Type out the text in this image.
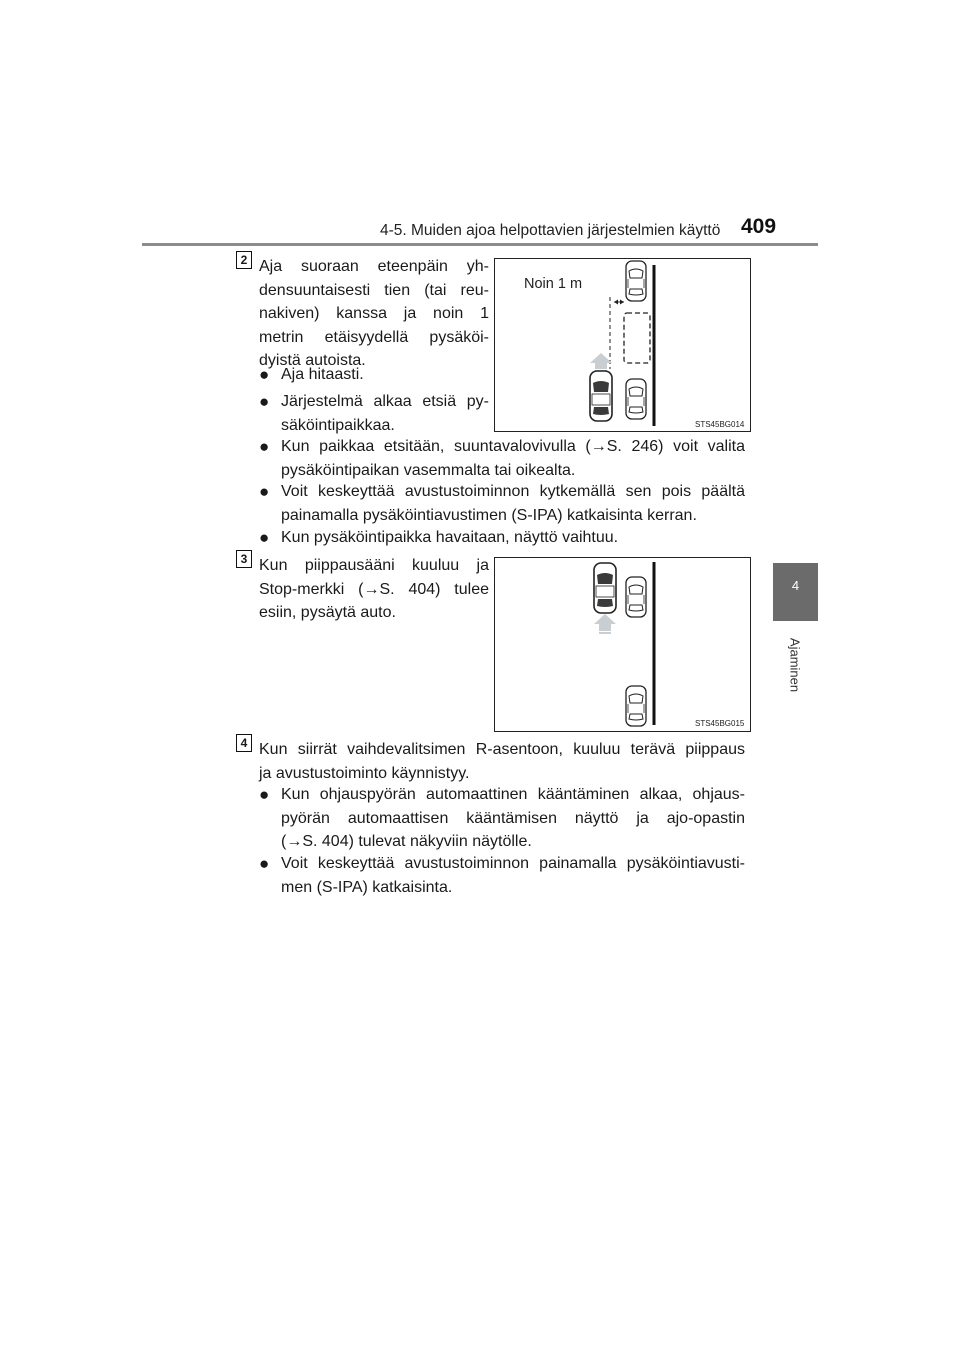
4-5. Muiden ajoa helpottavien järjestelmien käyttö 409
4
Ajaminen
2 Aja suoraan eteenpäin yh-
densuuntaisesti tien (tai reu-
nakiven) kanssa ja noin 1
metrin etäisyydellä pysäköi-
dyistä autoista.

● Aja hitaasti.

● Järjestelmä alkaa etsiä py-
säköintipaikkaa.

● Kun paikkaa etsitään, suuntavalovivulla (→S. 246) voit valita
pysäköintipaikan vasemmalta tai oikealta.

● Voit keskeyttää avustustoiminnon kytkemällä sen pois päältä
painamalla pysäköintiavustimen (S-IPA) katkaisinta kerran.

● Kun pysäköintipaikka havaitaan, näyttö vaihtuu.

Noin 1 m
STS45BG014
3 Kun piippausääni kuuluu ja
Stop-merkki (→S. 404) tulee
esiin, pysäytä auto.

STS45BG015
4 Kun siirrät vaihdevalitsimen R-asentoon, kuuluu terävä piippaus
ja avustustoiminto käynnistyy.

● Kun ohjauspyörän automaattinen kääntäminen alkaa, ohjaus-
pyörän automaattisen kääntämisen näyttö ja ajo-opastin
(→S. 404) tulevat näkyviin näytölle.

● Voit keskeyttää avustustoiminnon painamalla pysäköintiavusti-
men (S-IPA) katkaisinta.
